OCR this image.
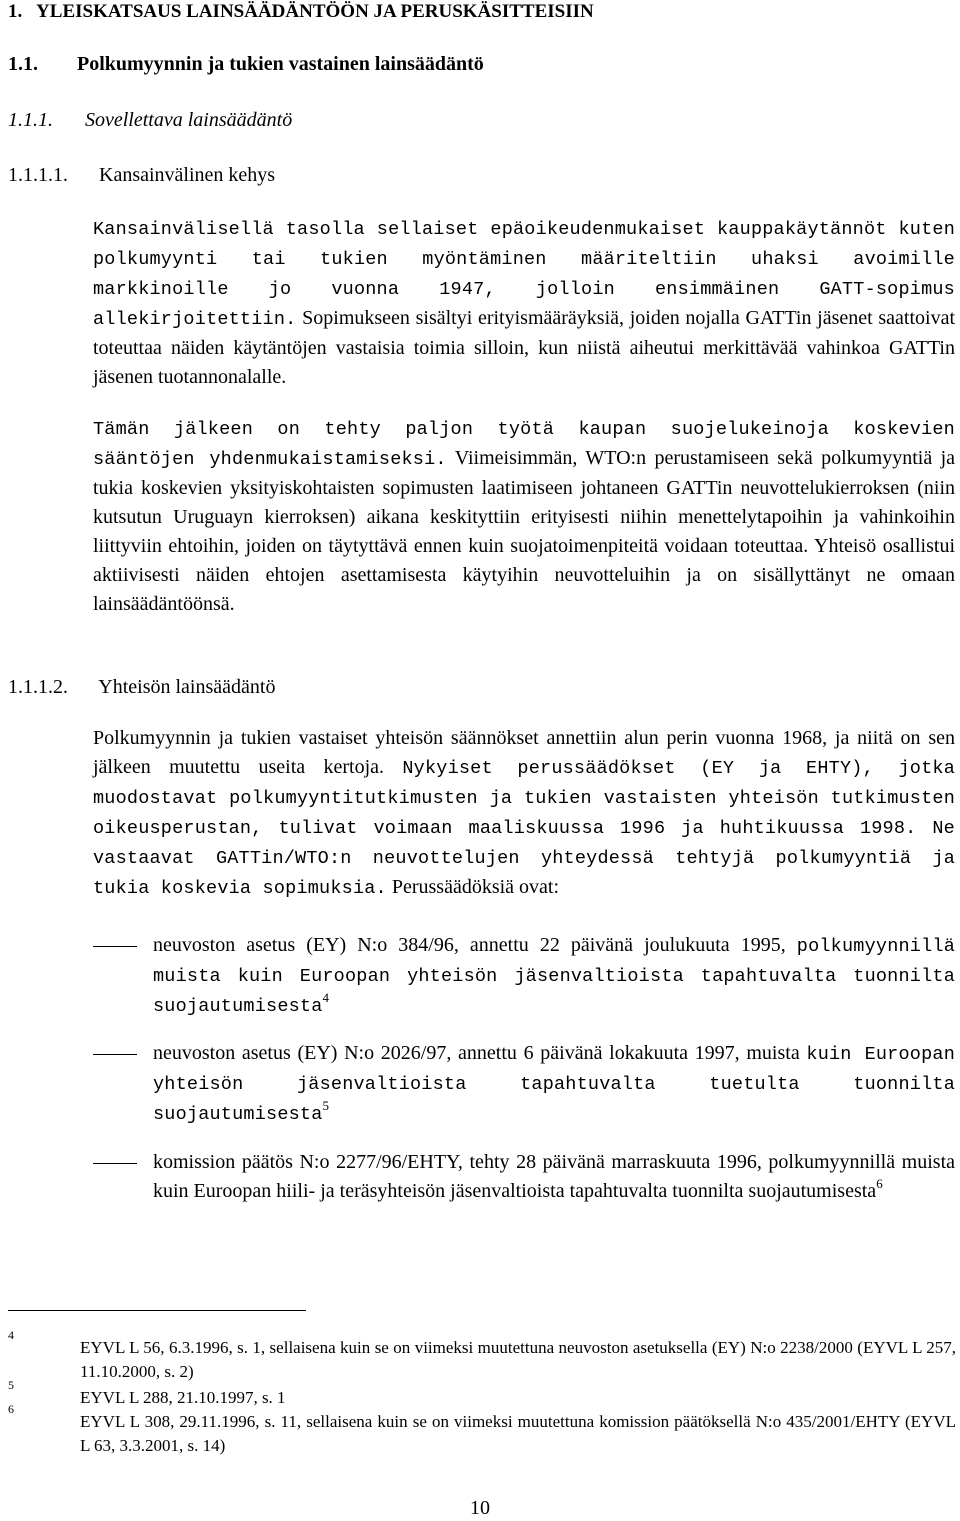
1. YLEISKATSAUS LAINSÄÄDÄNTÖÖN JA PERUSKÄSITTEISIIN
1.1. Polkumyynnin ja tukien vastainen lainsäädäntö
1.1.1. Sovellettava lainsäädäntö
1.1.1.1. Kansainvälinen kehys

Kansainvälisellä tasolla sellaiset epäoikeudenmukaiset kauppakäytännöt kuten polkumyynti tai tukien myöntäminen määriteltiin uhaksi avoimille markkinoille jo vuonna 1947, jolloin ensimmäinen GATT-sopimus allekirjoitettiin. Sopimukseen sisältyi erityismääräyksiä, joiden nojalla GATTin jäsenet saattoivat toteuttaa näiden käytäntöjen vastaisia toimia silloin, kun niistä aiheutui merkittävää vahinkoa GATTin jäsenen tuotannonalalle.

Tämän jälkeen on tehty paljon työtä kaupan suojelukeinoja koskevien sääntöjen yhdenmukaistamiseksi. Viimeisimmän, WTO:n perustamiseen sekä polkumyyntiä ja tukia koskevien yksityiskohtaisten sopimusten laatimiseen johtaneen GATTin neuvottelukierroksen (niin kutsutun Uruguayn kierroksen) aikana keskityttiin erityisesti niihin menettelytapoihin ja vahinkoihin liittyviin ehtoihin, joiden on täytyttävä ennen kuin suojatoimenpiteitä voidaan toteuttaa. Yhteisö osallistui aktiivisesti näiden ehtojen asettamisesta käytyihin neuvotteluihin ja on sisällyttänyt ne omaan lainsäädäntöönsä.

1.1.1.2. Yhteisön lainsäädäntö

Polkumyynnin ja tukien vastaiset yhteisön säännökset annettiin alun perin vuonna 1968, ja niitä on sen jälkeen muutettu useita kertoja. Nykyiset perussäädökset (EY ja EHTY), jotka muodostavat polkumyyntitutkimusten ja tukien vastaisten yhteisön tutkimusten oikeusperustan, tulivat voimaan maaliskuussa 1996 ja huhtikuussa 1998. Ne vastaavat GATTin/WTO:n neuvottelujen yhteydessä tehtyjä polkumyyntiä ja tukia koskevia sopimuksia. Perussäädöksiä ovat:

neuvoston asetus (EY) N:o 384/96, annettu 22 päivänä joulukuuta 1995, polkumyynnillä muista kuin Euroopan yhteisön jäsenvaltioista tapahtuvalta tuonnilta suojautumisesta$^4$

neuvoston asetus (EY) N:o 2026/97, annettu 6 päivänä lokakuuta 1997, muista kuin Euroopan yhteisön jäsenvaltioista tapahtuvalta tuetulta tuonnilta suojautumisesta$^5$

komission päätös N:o 2277/96/EHTY, tehty 28 päivänä marraskuuta 1996, polkumyynnillä muista kuin Euroopan hiili- ja teräsyhteisön jäsenvaltioista tapahtuvalta tuonnilta suojautumisesta$^6$

4

EYVL L 56, 6.3.1996, s. 1, sellaisena kuin se on viimeksi muutettuna neuvoston asetuksella (EY) N:o 2238/2000 (EYVL L 257, 11.10.2000, s. 2)

5

EYVL L 288, 21.10.1997, s. 1

6

EYVL L 308, 29.11.1996, s. 11, sellaisena kuin se on viimeksi muutettuna komission päätöksellä N:o 435/2001/EHTY (EYVL L 63, 3.3.2001, s. 14)

10
